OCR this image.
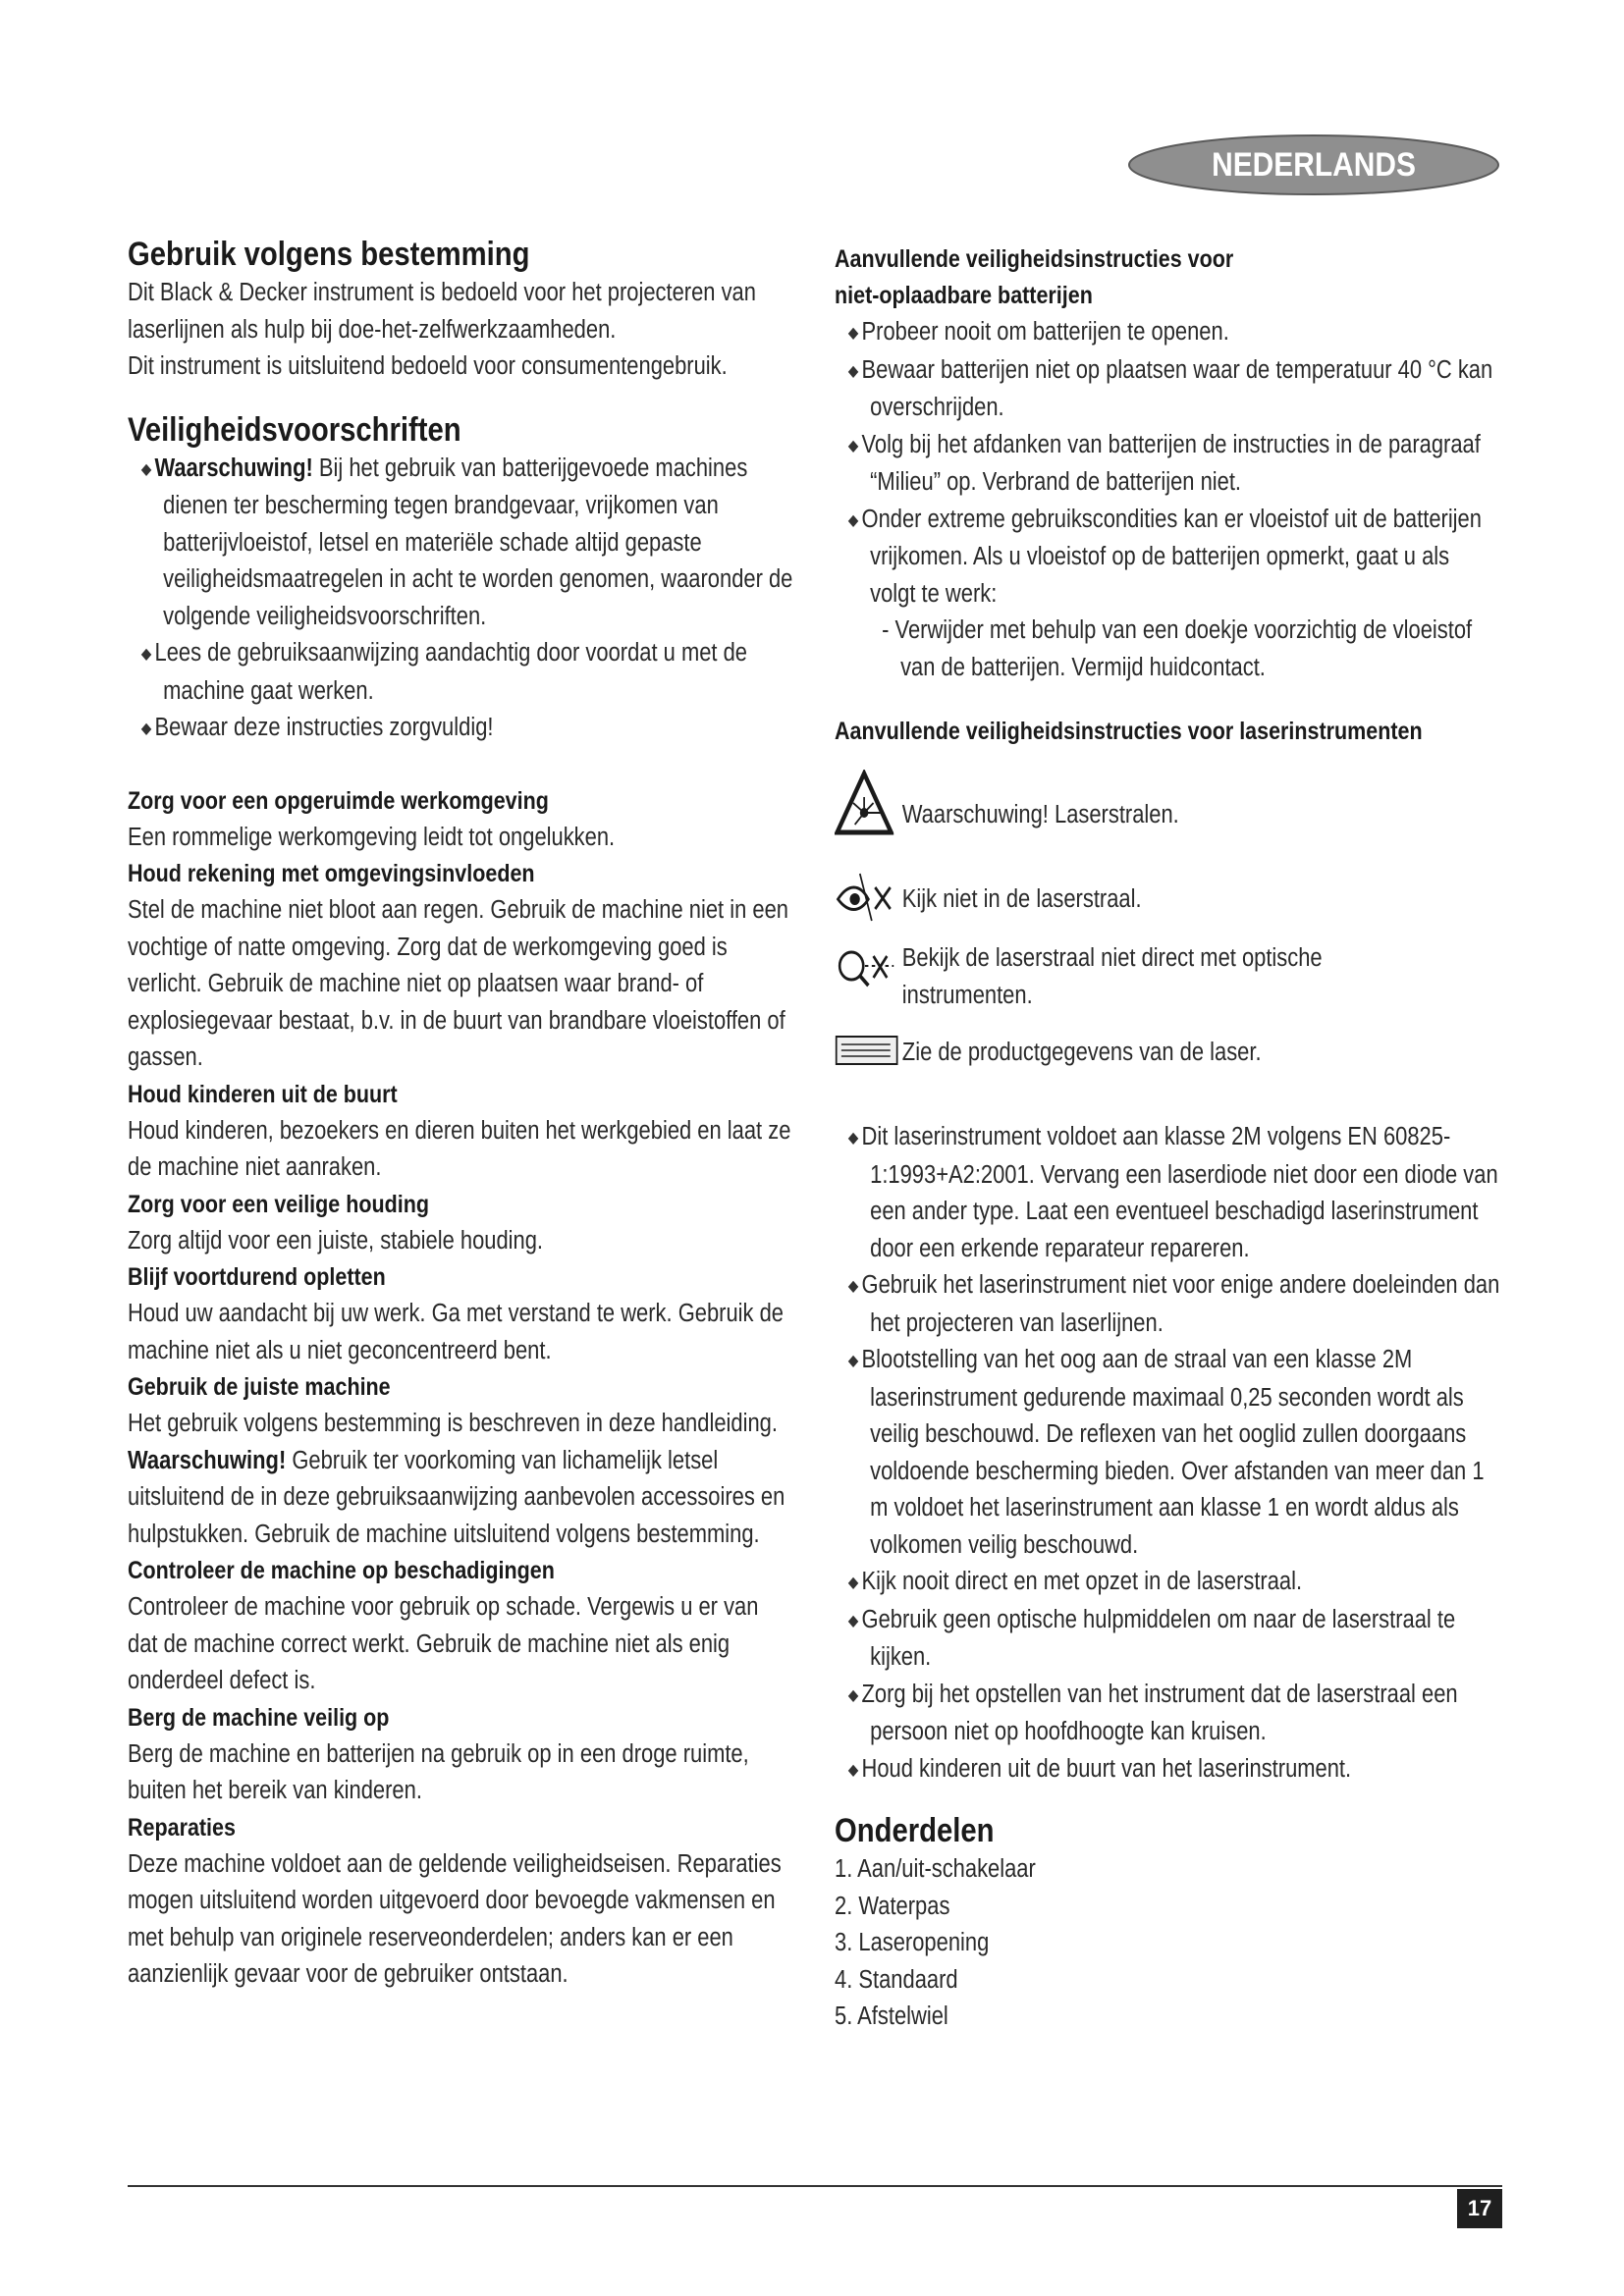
NEDERLANDS
Gebruik volgens bestemming

Dit Black & Decker instrument is bedoeld voor het projecteren van laserlijnen als hulp bij doe-het-zelfwerkzaamheden.

Dit instrument is uitsluitend bedoeld voor consumentengebruik.

Veiligheidsvoorschriften

◆ Waarschuwing! Bij het gebruik van batterijgevoede machines dienen ter bescherming tegen brandgevaar, vrijkomen van batterijvloeistof, letsel en materiële schade altijd gepaste veiligheidsmaatregelen in acht te worden genomen, waaronder de volgende veiligheidsvoorschriften.

◆ Lees de gebruiksaanwijzing aandachtig door voordat u met de machine gaat werken.

◆ Bewaar deze instructies zorgvuldig!

Zorg voor een opgeruimde werkomgeving

Een rommelige werkomgeving leidt tot ongelukken.

Houd rekening met omgevingsinvloeden

Stel de machine niet bloot aan regen. Gebruik de machine niet in een vochtige of natte omgeving. Zorg dat de werkomgeving goed is verlicht. Gebruik de machine niet op plaatsen waar brand- of explosiegevaar bestaat, b.v. in de buurt van brandbare vloeistoffen of gassen.

Houd kinderen uit de buurt

Houd kinderen, bezoekers en dieren buiten het werkgebied en laat ze de machine niet aanraken.

Zorg voor een veilige houding

Zorg altijd voor een juiste, stabiele houding.

Blijf voortdurend opletten

Houd uw aandacht bij uw werk. Ga met verstand te werk. Gebruik de machine niet als u niet geconcentreerd bent.

Gebruik de juiste machine

Het gebruik volgens bestemming is beschreven in deze handleiding.

Waarschuwing! Gebruik ter voorkoming van lichamelijk letsel uitsluitend de in deze gebruiksaanwijzing aanbevolen accessoires en hulpstukken. Gebruik de machine uitsluitend volgens bestemming.

Controleer de machine op beschadigingen

Controleer de machine voor gebruik op schade. Vergewis u er van dat de machine correct werkt. Gebruik de machine niet als enig onderdeel defect is.

Berg de machine veilig op

Berg de machine en batterijen na gebruik op in een droge ruimte, buiten het bereik van kinderen.

Reparaties

Deze machine voldoet aan de geldende veiligheidseisen. Reparaties mogen uitsluitend worden uitgevoerd door bevoegde vakmensen en met behulp van originele reserveonderdelen; anders kan er een aanzienlijk gevaar voor de gebruiker ontstaan.

Aanvullende veiligheidsinstructies voor
niet-oplaadbare batterijen

◆ Probeer nooit om batterijen te openen.

◆ Bewaar batterijen niet op plaatsen waar de temperatuur 40 °C kan overschrijden.

◆ Volg bij het afdanken van batterijen de instructies in de paragraaf “Milieu” op. Verbrand de batterijen niet.

◆ Onder extreme gebruikscondities kan er vloeistof uit de batterijen vrijkomen. Als u vloeistof op de batterijen opmerkt, gaat u als volgt te werk:

- Verwijder met behulp van een doekje voorzichtig de vloeistof van de batterijen. Vermijd huidcontact.

Aanvullende veiligheidsinstructies voor laserinstrumenten

Waarschuwing! Laserstralen.

Kijk niet in de laserstraal.

Bekijk de laserstraal niet direct met optische instrumenten.

Zie de productgegevens van de laser.

◆ Dit laserinstrument voldoet aan klasse 2M volgens EN 60825-1:1993+A2:2001. Vervang een laserdiode niet door een diode van een ander type. Laat een eventueel beschadigd laserinstrument door een erkende reparateur repareren.

◆ Gebruik het laserinstrument niet voor enige andere doeleinden dan het projecteren van laserlijnen.

◆ Blootstelling van het oog aan de straal van een klasse 2M laserinstrument gedurende maximaal 0,25 seconden wordt als veilig beschouwd. De reflexen van het ooglid zullen doorgaans voldoende bescherming bieden. Over afstanden van meer dan 1 m voldoet het laserinstrument aan klasse 1 en wordt aldus als volkomen veilig beschouwd.

◆ Kijk nooit direct en met opzet in de laserstraal.

◆ Gebruik geen optische hulpmiddelen om naar de laserstraal te kijken.

◆ Zorg bij het opstellen van het instrument dat de laserstraal een persoon niet op hoofdhoogte kan kruisen.

◆ Houd kinderen uit de buurt van het laserinstrument.

Onderdelen

1. Aan/uit-schakelaar

2. Waterpas

3. Laseropening

4. Standaard

5. Afstelwiel

17
